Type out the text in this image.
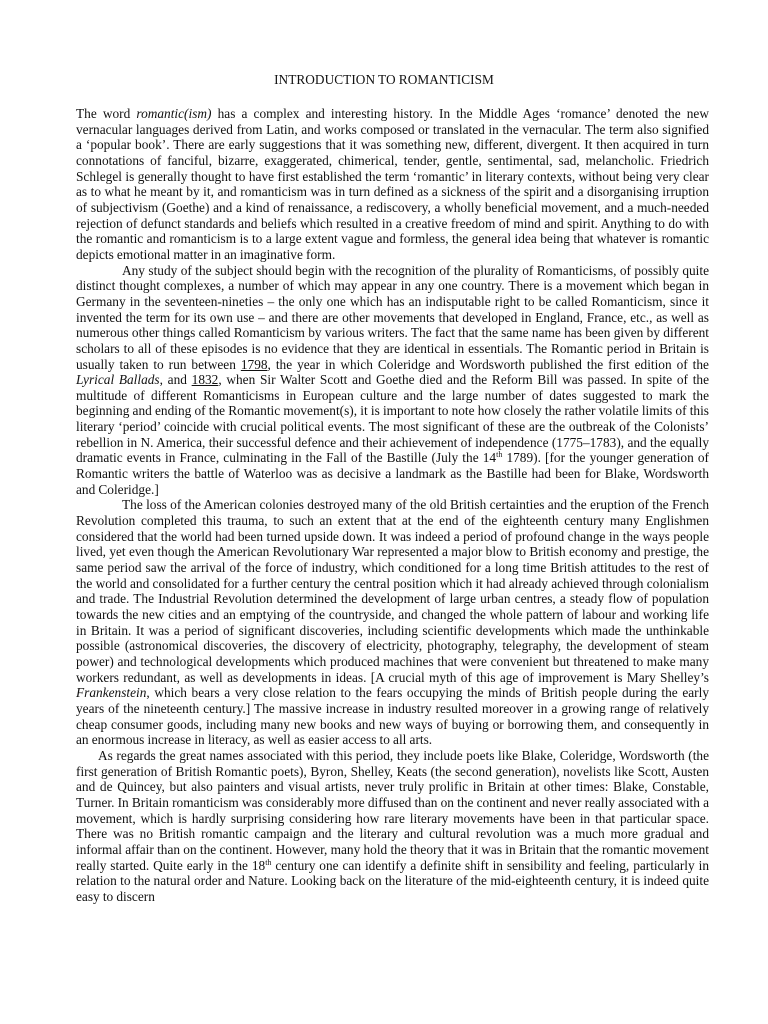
INTRODUCTION TO ROMANTICISM

The word romantic(ism) has a complex and interesting history. In the Middle Ages ‘romance’ denoted the new vernacular languages derived from Latin, and works composed or translated in the vernacular. The term also signified a ‘popular book’. There are early suggestions that it was something new, different, divergent. It then acquired in turn connotations of fanciful, bizarre, exaggerated, chimerical, tender, gentle, sentimental, sad, melancholic. Friedrich Schlegel is generally thought to have first established the term ‘romantic’ in literary contexts, without being very clear as to what he meant by it, and romanticism was in turn defined as a sickness of the spirit and a disorganising irruption of subjectivism (Goethe) and a kind of renaissance, a rediscovery, a wholly beneficial movement, and a much-needed rejection of defunct standards and beliefs which resulted in a creative freedom of mind and spirit. Anything to do with the romantic and romanticism is to a large extent vague and formless, the general idea being that whatever is romantic depicts emotional matter in an imaginative form.

Any study of the subject should begin with the recognition of the plurality of Romanticisms, of possibly quite distinct thought complexes, a number of which may appear in any one country. There is a movement which began in Germany in the seventeen-nineties – the only one which has an indisputable right to be called Romanticism, since it invented the term for its own use – and there are other movements that developed in England, France, etc., as well as numerous other things called Romanticism by various writers. The fact that the same name has been given by different scholars to all of these episodes is no evidence that they are identical in essentials. The Romantic period in Britain is usually taken to run between 1798, the year in which Coleridge and Wordsworth published the first edition of the Lyrical Ballads, and 1832, when Sir Walter Scott and Goethe died and the Reform Bill was passed. In spite of the multitude of different Romanticisms in European culture and the large number of dates suggested to mark the beginning and ending of the Romantic movement(s), it is important to note how closely the rather volatile limits of this literary ‘period’ coincide with crucial political events. The most significant of these are the outbreak of the Colonists’ rebellion in N. America, their successful defence and their achievement of independence (1775–1783), and the equally dramatic events in France, culminating in the Fall of the Bastille (July the 14th 1789). [for the younger generation of Romantic writers the battle of Waterloo was as decisive a landmark as the Bastille had been for Blake, Wordsworth and Coleridge.]

The loss of the American colonies destroyed many of the old British certainties and the eruption of the French Revolution completed this trauma, to such an extent that at the end of the eighteenth century many Englishmen considered that the world had been turned upside down. It was indeed a period of profound change in the ways people lived, yet even though the American Revolutionary War represented a major blow to British economy and prestige, the same period saw the arrival of the force of industry, which conditioned for a long time British attitudes to the rest of the world and consolidated for a further century the central position which it had already achieved through colonialism and trade. The Industrial Revolution determined the development of large urban centres, a steady flow of population towards the new cities and an emptying of the countryside, and changed the whole pattern of labour and working life in Britain. It was a period of significant discoveries, including scientific developments which made the unthinkable possible (astronomical discoveries, the discovery of electricity, photography, telegraphy, the development of steam power) and technological developments which produced machines that were convenient but threatened to make many workers redundant, as well as developments in ideas. [A crucial myth of this age of improvement is Mary Shelley’s Frankenstein, which bears a very close relation to the fears occupying the minds of British people during the early years of the nineteenth century.] The massive increase in industry resulted moreover in a growing range of relatively cheap consumer goods, including many new books and new ways of buying or borrowing them, and consequently in an enormous increase in literacy, as well as easier access to all arts.

As regards the great names associated with this period, they include poets like Blake, Coleridge, Wordsworth (the first generation of British Romantic poets), Byron, Shelley, Keats (the second generation), novelists like Scott, Austen and de Quincey, but also painters and visual artists, never truly prolific in Britain at other times: Blake, Constable, Turner. In Britain romanticism was considerably more diffused than on the continent and never really associated with a movement, which is hardly surprising considering how rare literary movements have been in that particular space. There was no British romantic campaign and the literary and cultural revolution was a much more gradual and informal affair than on the continent. However, many hold the theory that it was in Britain that the romantic movement really started. Quite early in the 18th century one can identify a definite shift in sensibility and feeling, particularly in relation to the natural order and Nature. Looking back on the literature of the mid-eighteenth century, it is indeed quite easy to discern
